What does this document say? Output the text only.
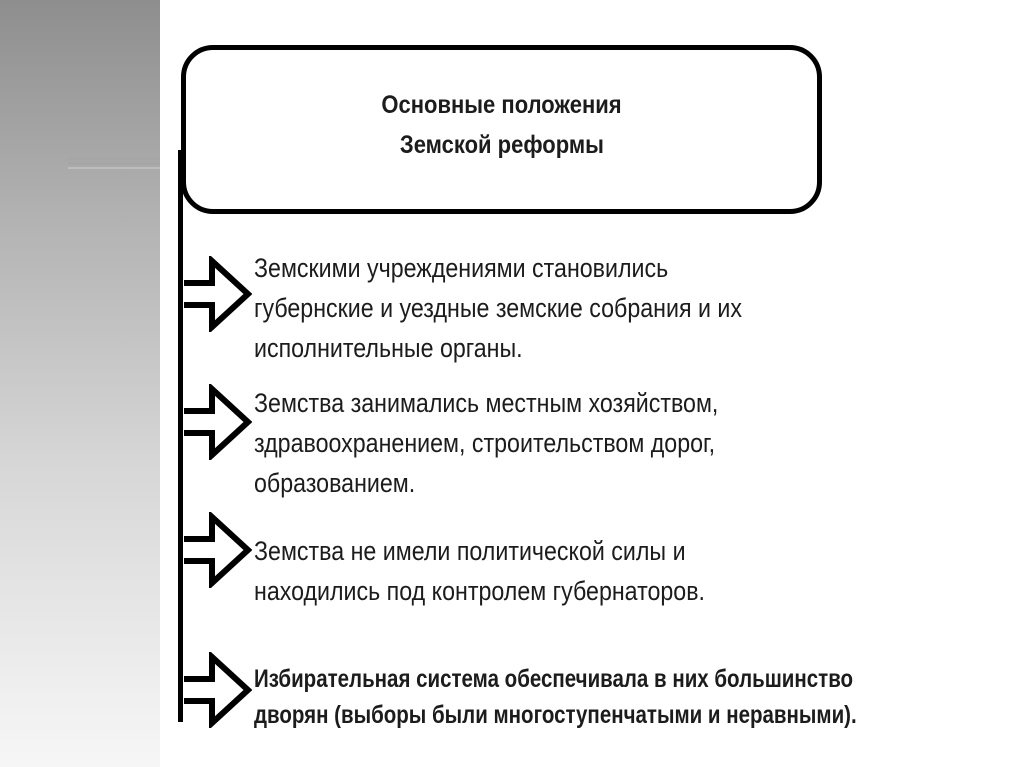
Основные положения
Земской реформы
Земскими учреждениями становились
губернские и уездные земские собрания и их
исполнительные органы.
Земства занимались местным хозяйством,
здравоохранением, строительством дорог,
образованием.
Земства не имели политической силы и
находились под контролем губернаторов.
Избирательная система обеспечивала в них большинство
дворян (выборы были многоступенчатыми и неравными).
